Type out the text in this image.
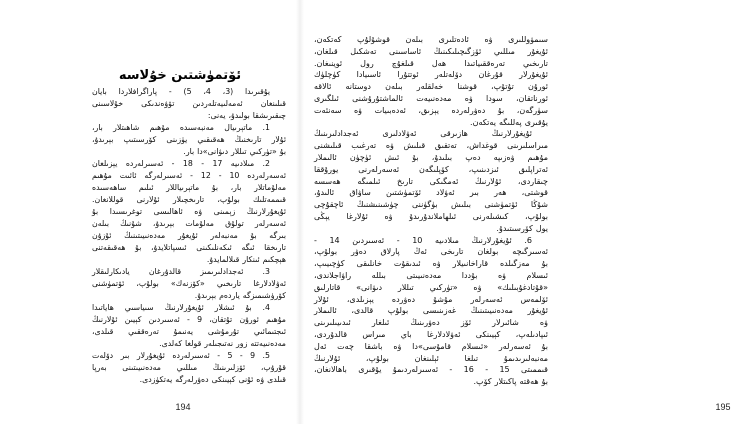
ئۆتمۈشتىن خۇلاسە
194	195
يۇقىرىدا (3، 4، 5) - پاراگرافلاردا بايان
قىلىنغان ئەمەلىيەتلەردىن تۆۋەندىكى خۇلاسىنى
چىقىرىشقا بولىدۇ، يەنى:
1. ماتېرىيال مەنبەسىدە مۇھىم شاھىتلار بار،
ئۇلار تارىخنىڭ ھەقىقىي يۈزىنى كۆرسىتىپ بېرىدۇ،
بۇ «تۈركىي تىللار دىۋانى»دا بار.
2. مىلادىيە 17 - 18 - ئەسىرلەردە يېزىلغان
ئەسەرلەردە 10 - 12 - ئەسىرلەرگە ئائىت مۇھىم
مەلۇماتلار بار، بۇ ماتېرىياللار ئىلىم ساھەسىدە
قىممەتلىك بولۇپ، تارىخچىلار ئۇلارنى قوللانغان.
ئۇيغۇرلارنىڭ زېمىنى ۋە ئاھالىسى توغرىسىدا بۇ
ئەسەرلەر تولۇق مەلۇمات بېرىدۇ، شۇنىڭ بىلەن
بىرگە بۇ مەنبەلەر ئۇيغۇر مەدەنىيىتىنىڭ ئۇزۇن
تارىخقا ئىگە ئىكەنلىكىنى ئىسپاتلايدۇ، بۇ ھەقىقەتنى
ھېچكىم ئىنكار قىلالمايدۇ.
3. ئەجدادلىرىمىز قالدۇرغان يادىكارلىقلار
ئەۋلادلارغا تارىخىي «كۆزنەك» بولۇپ، ئۆتمۈشنى
كۆرۈشىمىزگە ياردەم بېرىدۇ.
4. بۇ ئىشلار ئۇيغۇرلارنىڭ سىياسىي ھاياتىدا
مۇھىم ئورۇن تۇتقان، 9 - ئەسىردىن كېيىن ئۇلارنىڭ
ئىجتىمائىي تۇرمۇشى يەنىمۇ تەرەققىي قىلدى،
مەدەنىيەتتە زور نەتىجىلەر قولغا كەلدى.
5. 9 - 5 - ئەسىرلەردە ئۇيغۇرلار بىر دۆلەت
قۇرۇپ، ئۆزلىرىنىڭ مىللىي مەدەنىيىتىنى بەرپا
قىلدى ۋە ئۇنى كېيىنكى دەۋرلەرگە يەتكۈزدى.
سىمۋوللىرى ۋە ئادەتلىرى بىلەن قوشۇلۇپ كەتكەن،
ئۇيغۇر مىللىي ئۆزگىچىلىكىنىڭ ئاساسىنى تەشكىل قىلغان،
تارىخىي تەرەققىياتىدا ھەل قىلغۇچ رول ئوينىغان.
ئۇيغۇرلار قۇرغان دۆلەتلەر ئوتتۇرا ئاسىيادا كۈچلۈك
ئورۇن تۇتۇپ، قوشنا خەلقلەر بىلەن دوستانە ئالاقە
ئورناتقان، سودا ۋە مەدەنىيەت ئالماشتۇرۇشنى ئىلگىرى
سۈرگەن، بۇ دەۋرلەردە يېزىق، ئەدەبىيات ۋە سەنئەت
يۇقىرى پەللىگە يەتكەن.
ئۇيغۇرلارنىڭ ھازىرقى ئەۋلادلىرى ئەجدادلىرىنىڭ
مىراسلىرىنى قوغداش، تەتقىق قىلىش ۋە تەرغىب قىلىشنى
مۇھىم ۋەزىپە دەپ بىلىدۇ، بۇ ئىش ئۈچۈن ئالىملار
ئەتراپلىق ئىزدىنىپ، كۆپلىگەن ئەسەرلەرنى يورۇققا
چىقاردى، ئۇلارنىڭ ئەمگىكى تارىخ ئىلمىگە ھەسسە
قوشتى، ھەر بىر ئەۋلاد ئۆتمۈشتىن ساۋاق ئالىدۇ،
شۇڭا ئۆتمۈشنى بىلىش بۈگۈننى چۈشىنىشنىڭ ئاچقۇچى
بولۇپ، كىشىلەرنى ئىلھاملاندۇرىدۇ ۋە ئۇلارغا يېڭى
يول كۆرسىتىدۇ.
6. ئۇيغۇرلارنىڭ مىلادىيە 10 - ئەسىردىن 14 -
ئەسىرگىچە بولغان تارىخى ئەڭ پارلاق دەۋر بولۇپ،
بۇ مەزگىلدە قاراخانىيلار ۋە ئىدىقۇت خانلىقى كۈچىيىپ،
ئىسلام ۋە بۇددا مەدەنىيىتى بىللە راۋاجلاندى،
«قۇتادغۇبىلىك» ۋە «تۈركىي تىللار دىۋانى» قاتارلىق
ئۆلمەس ئەسەرلەر مۇشۇ دەۋردە يېزىلدى، ئۇلار
ئۇيغۇر مەدەنىيىتىنىڭ غەزىنىسى بولۇپ قالدى، ئالىملار
ۋە شائىرلار ئۆز دەۋرىنىڭ ئىلغار ئىدىيىلىرىنى
ئىپادىلەپ، كېيىنكى ئەۋلادلارغا باي مىراس قالدۇردى،
بۇ ئەسەرلەر «ئىسلام قامۇسى»دا ۋە باشقا چەت ئەل
مەنبەلىرىدىمۇ تىلغا ئېلىنغان بولۇپ، ئۇلارنىڭ
قىممىتى 15 - 16 - ئەسىرلەردىمۇ يۇقىرى باھالانغان،
بۇ ھەقتە پاكىتلار كۆپ.
